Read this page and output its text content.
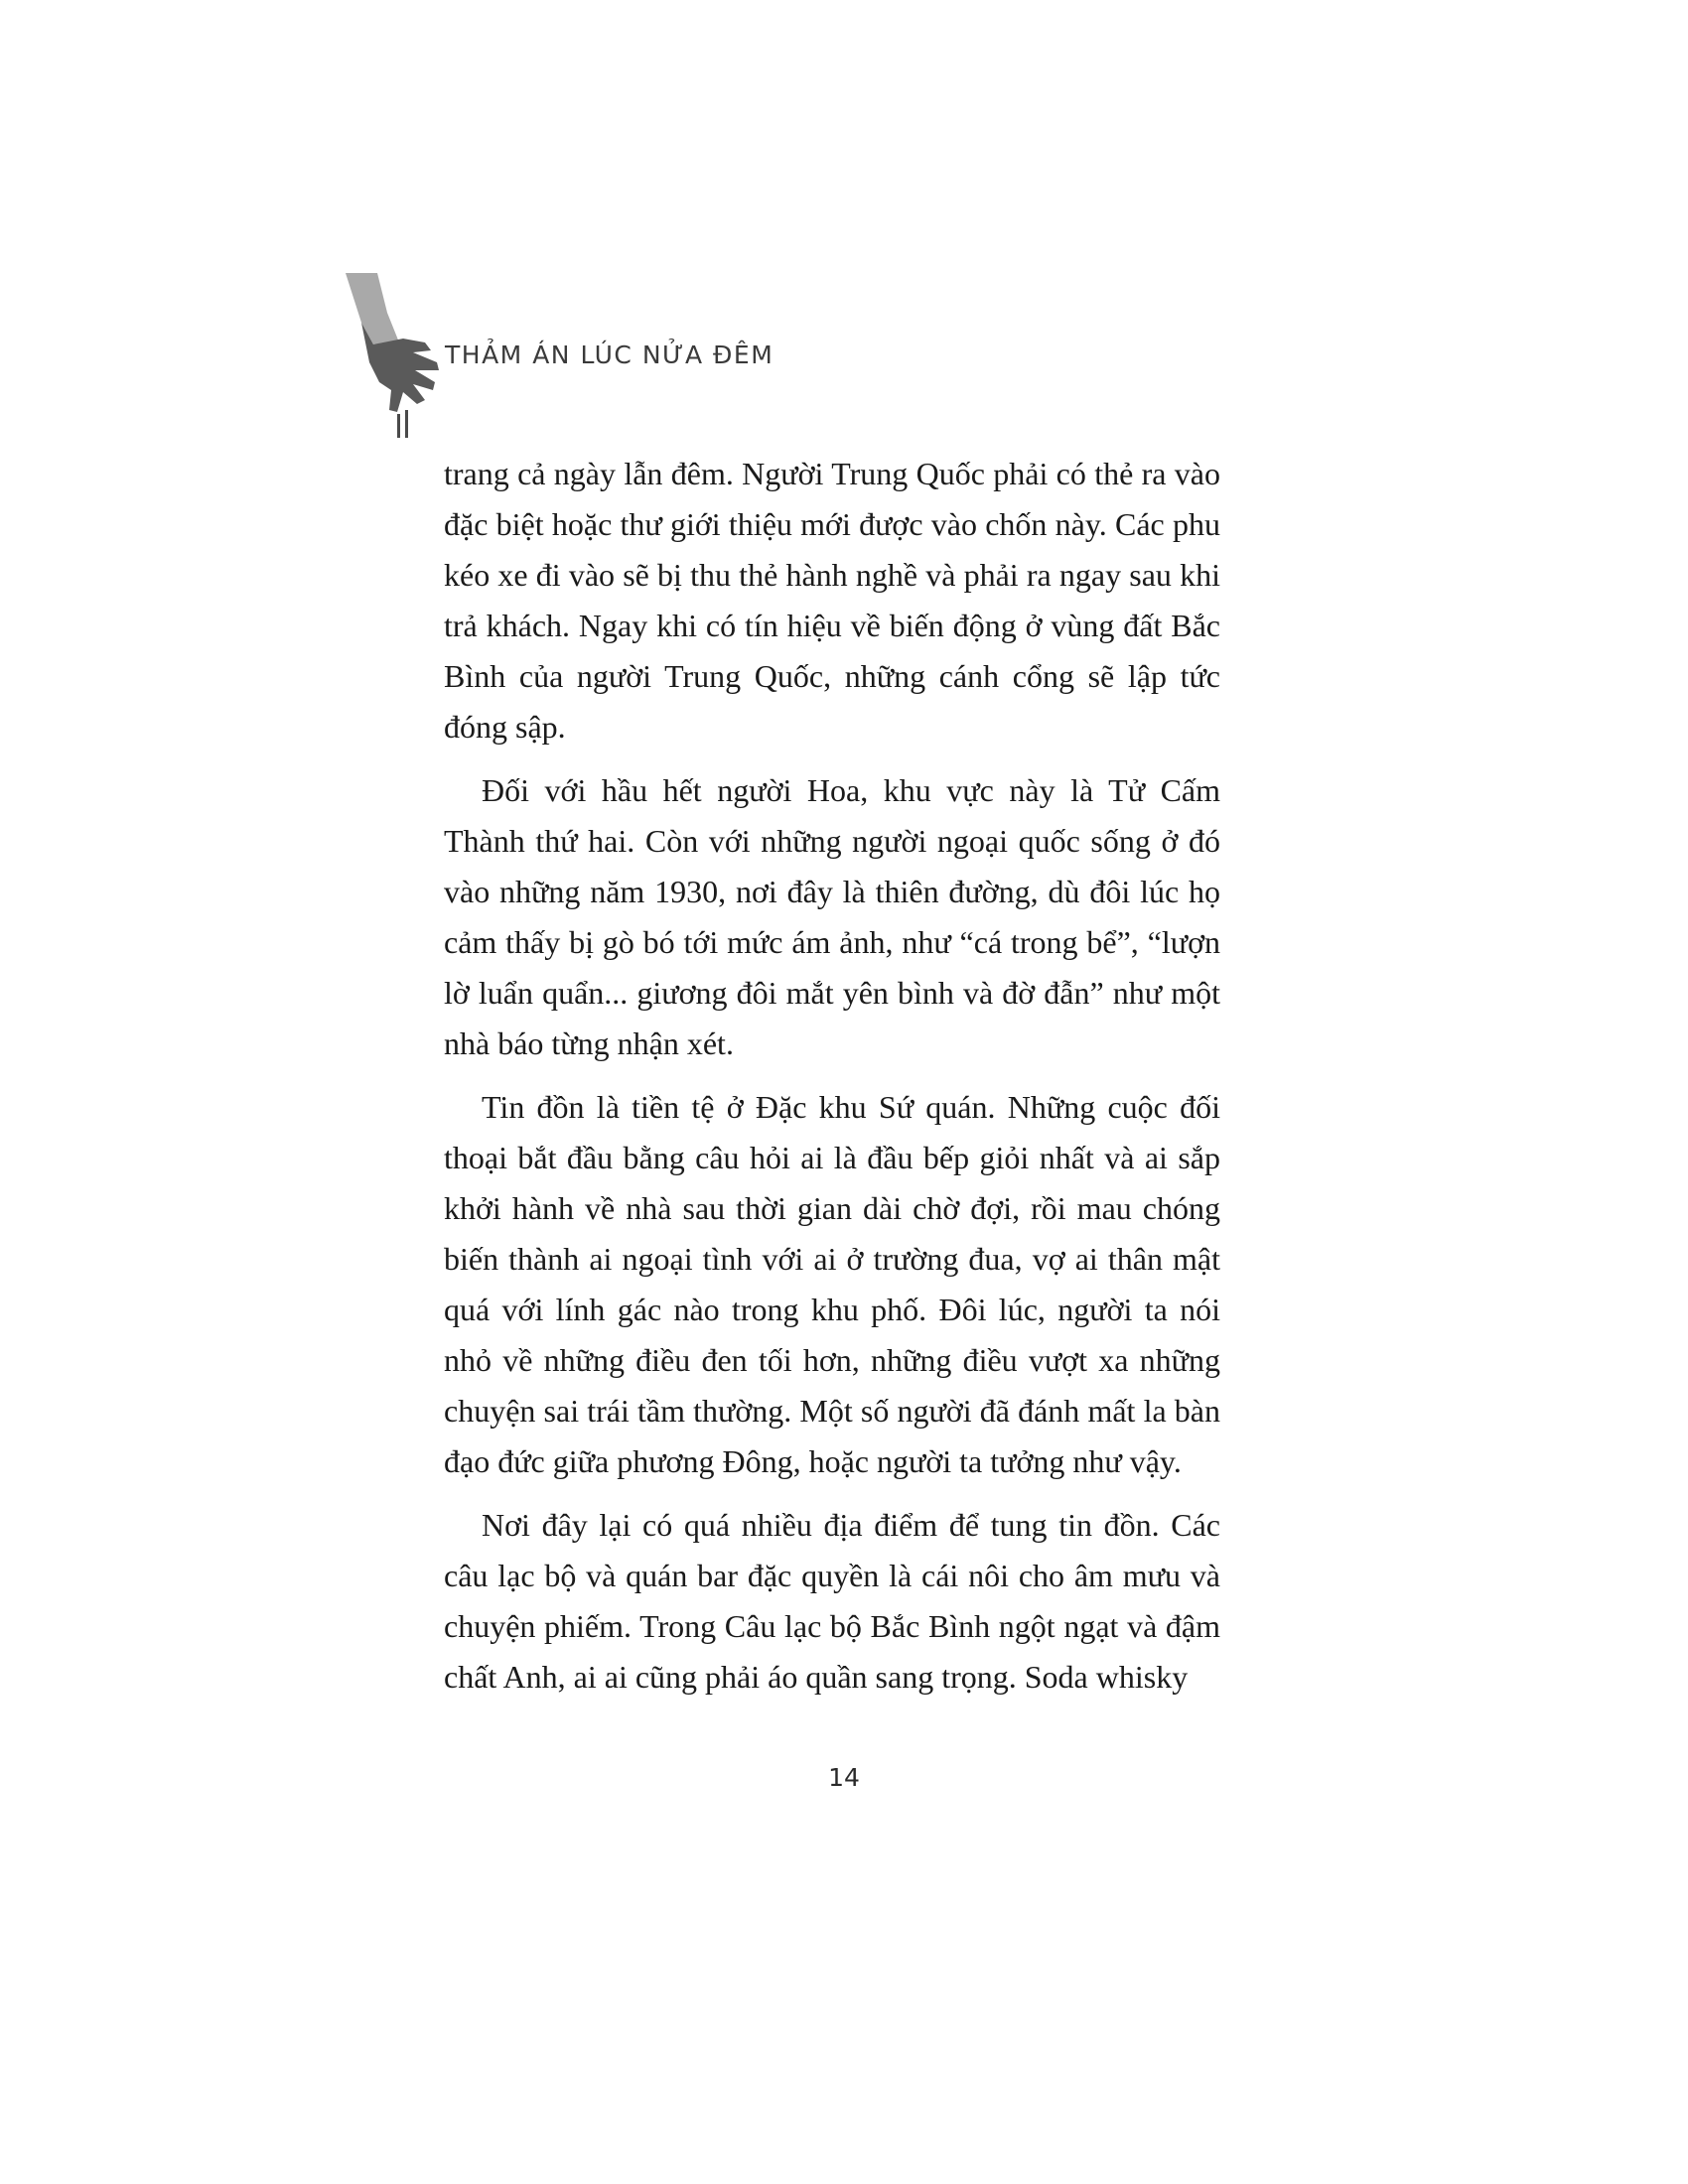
THẢM ÁN LÚC NỬA ĐÊM

trang cả ngày lẫn đêm. Người Trung Quốc phải có thẻ ra vào đặc biệt hoặc thư giới thiệu mới được vào chốn này. Các phu kéo xe đi vào sẽ bị thu thẻ hành nghề và phải ra ngay sau khi trả khách. Ngay khi có tín hiệu về biến động ở vùng đất Bắc Bình của người Trung Quốc, những cánh cổng sẽ lập tức đóng sập.

Đối với hầu hết người Hoa, khu vực này là Tử Cấm Thành thứ hai. Còn với những người ngoại quốc sống ở đó vào những năm 1930, nơi đây là thiên đường, dù đôi lúc họ cảm thấy bị gò bó tới mức ám ảnh, như “cá trong bể”, “lượn lờ luẩn quẩn... giương đôi mắt yên bình và đờ đẫn” như một nhà báo từng nhận xét.

Tin đồn là tiền tệ ở Đặc khu Sứ quán. Những cuộc đối thoại bắt đầu bằng câu hỏi ai là đầu bếp giỏi nhất và ai sắp khởi hành về nhà sau thời gian dài chờ đợi, rồi mau chóng biến thành ai ngoại tình với ai ở trường đua, vợ ai thân mật quá với lính gác nào trong khu phố. Đôi lúc, người ta nói nhỏ về những điều đen tối hơn, những điều vượt xa những chuyện sai trái tầm thường. Một số người đã đánh mất la bàn đạo đức giữa phương Đông, hoặc người ta tưởng như vậy.

Nơi đây lại có quá nhiều địa điểm để tung tin đồn. Các câu lạc bộ và quán bar đặc quyền là cái nôi cho âm mưu và chuyện phiếm. Trong Câu lạc bộ Bắc Bình ngột ngạt và đậm chất Anh, ai ai cũng phải áo quần sang trọng. Soda whisky

14
